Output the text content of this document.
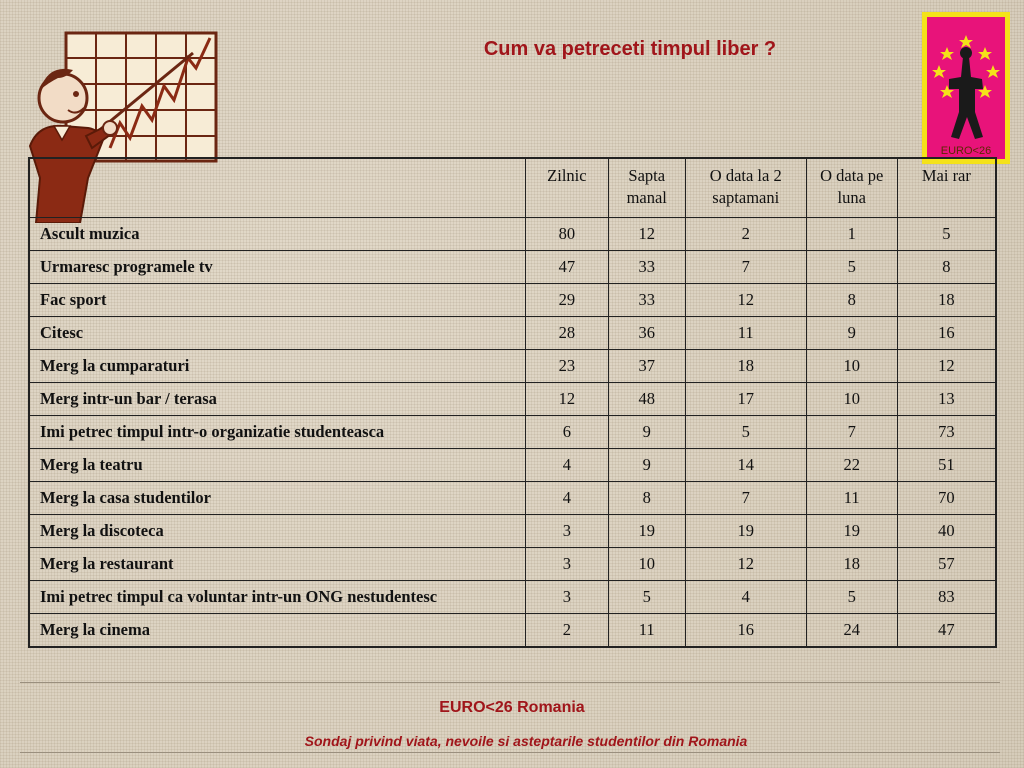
Cum va petreceti timpul liber ?
EURO<26
	Zilnic	Sapta manal	O data la 2 saptamani	O data pe luna	Mai rar
Ascult muzica	80	12	2	1	5
Urmaresc programele tv	47	33	7	5	8
Fac sport	29	33	12	8	18
Citesc	28	36	11	9	16
Merg la cumparaturi	23	37	18	10	12
Merg intr-un bar / terasa	12	48	17	10	13
Imi petrec timpul intr-o organizatie studenteasca	6	9	5	7	73
Merg la teatru	4	9	14	22	51
Merg la casa studentilor	4	8	7	11	70
Merg la discoteca	3	19	19	19	40
Merg la restaurant	3	10	12	18	57
Imi petrec timpul ca voluntar intr-un ONG nestudentesc	3	5	4	5	83
Merg la cinema	2	11	16	24	47
EURO<26 Romania
Sondaj privind viata, nevoile si asteptarile studentilor din Romania
